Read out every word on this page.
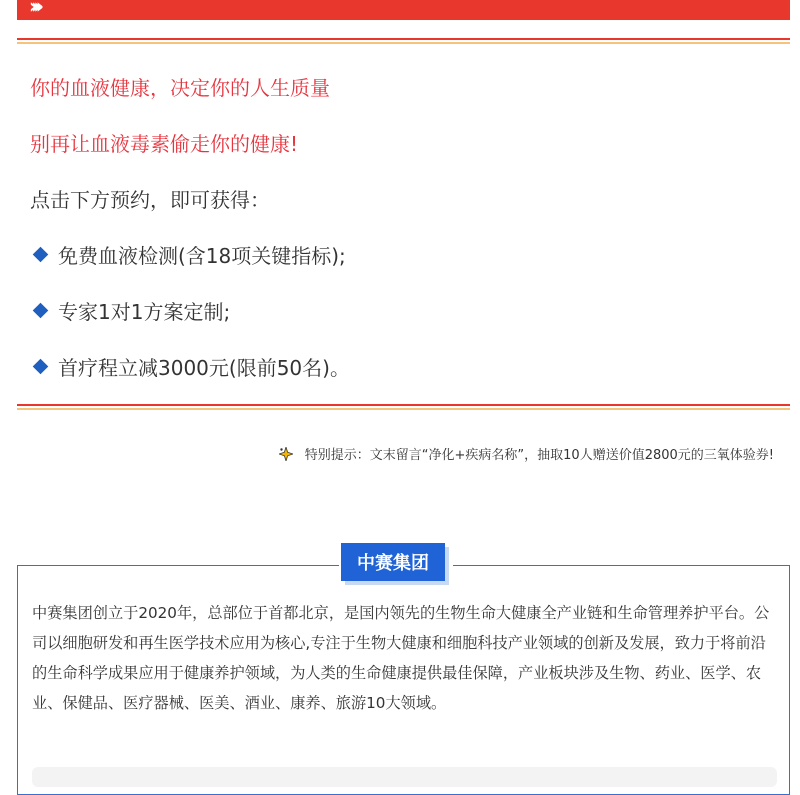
››››
你的血液健康，决定你的人生质量
别再让血液毒素偷走你的健康!
点击下方预约，即可获得：
免费血液检测(含18项关键指标);
专家1对1方案定制;
首疗程立减3000元(限前50名)。
特别提示：文末留言“净化+疾病名称”，抽取10人赠送价值2800元的三氧体验券!
中赛集团
中赛集团创立于2020年，总部位于首都北京，是国内领先的生物生命大健康全产业链和生命管理养护平台。公司以细胞研发和再生医学技术应用为核心,专注于生物大健康和细胞科技产业领域的创新及发展，致力于将前沿的生命科学成果应用于健康养护领域，为人类的生命健康提供最佳保障，产业板块涉及生物、药业、医学、农业、保健品、医疗器械、医美、酒业、康养、旅游10大领域。
